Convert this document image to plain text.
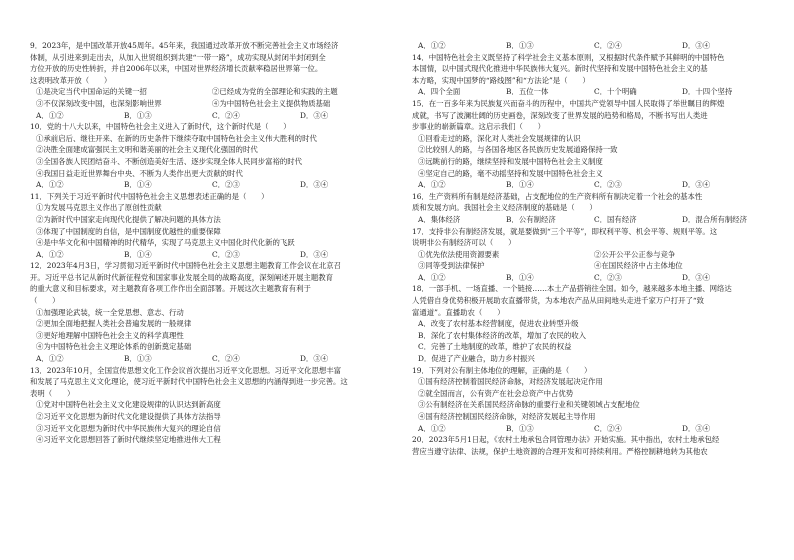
9．2023年，是中国改革开放45周年。45年来，我国通过改革开放不断完善社会主义市场经济
体制，从引进来到走出去，从加入世贸组织到共建“一带一路”，成功实现从封闭半封闭到全
方位开放的历史性转折，并自2006年以来，中国对世界经济增长贡献率稳居世界第一位。
这表明改革开放（　　）
①是决定当代中国命运的关键一招	②已经成为党的全部理论和实践的主题
③不仅深刻改变中国，也深刻影响世界	④为中国特色社会主义提供物质基础
A．①②	B．①③	C．②④	D．③④
10．党的十八大以来，中国特色社会主义进入了新时代，这个新时代是（　　）
①承前启后、继往开来、在新的历史条件下继续夺取中国特色社会主义伟大胜利的时代
②决胜全面建成富强民主文明和谐美丽的社会主义现代化强国的时代
③全国各族人民团结奋斗、不断创造美好生活、逐步实现全体人民同步富裕的时代
④我国日益走近世界舞台中央、不断为人类作出更大贡献的时代
A．①②	B．①④	C．②③	D．③④
11．下列关于习近平新时代中国特色社会主义思想表述正确的是（　　）
①为发展马克思主义作出了原创性贡献
②为新时代中国家走向现代化提供了解决问题的具体方法
③体现了中国制度的自信，是中国制度优越性的重要保障
④是中华文化和中国精神的时代精华，实现了马克思主义中国化时代化新的飞跃
A．①②	B．①④	C．②③	D．③④
12．2023年4月3日，学习贯彻习近平新时代中国特色社会主义思想主题教育工作会议在北京召
开。习近平总书记从新时代新征程党和国家事业发展全局的战略高度，深刻阐述开展主题教育
的重大意义和目标要求，对主题教育各项工作作出全面部署。开展这次主题教育有利于
（　　）
①加强理论武装，统一全党思想、意志、行动
②更加全面地把握人类社会普遍发展的一般规律
③更好地理解中国特色社会主义的科学真理性
④为中国特色社会主义理论体系的创新奠定基础
A．①②	B．①③	C．②④	D．③④
13．2023年10月，全国宣传思想文化工作会议首次提出习近平文化思想。习近平文化思想丰富
和发展了马克思主义文化理论，使习近平新时代中国特色社会主义思想的内涵得到进一步完善。这
表明（　　）
①党对中国特色社会主义文化建设规律的认识达到新高度
②习近平文化思想为新时代文化建设提供了具体方法指导
③习近平文化思想为新时代中华民族伟大复兴的理论自信
④习近平文化思想回答了新时代继续坚定地推进伟大工程
A．①②	B．①③	C．②④	D．③④
14．中国特色社会主义既坚持了科学社会主义基本原则，又根据时代条件赋予其鲜明的中国特色
本国情，以中国式现代化推进中华民族伟大复兴。新时代坚持和发展中国特色社会主义的基
本方略，实现中国梦的“路线图”和“方法论”是（　　）
A．四个全面	B．五位一体	C．十个明确	D．十四个坚持
15．在一百多年来为民族复兴而奋斗的历程中，中国共产党领导中国人民取得了举世瞩目的辉煌
成就，书写了波澜壮阔的历史画卷，深刻改变了世界发展的趋势和格局，不断书写出人类进
步事业的崭新篇章。这启示我们（　　）
①回看走过的路，深化对人类社会发展规律的认识
②比较别人的路，与各国各地区各民族历史发展道路保持一致
③远眺前行的路，继续坚持和发展中国特色社会主义制度
④坚定自己的路，毫不动摇坚持和发展中国特色社会主义
A．①②	B．①④	C．②③	D．③④
16．生产资料所有制是经济基础，占支配地位的生产资料所有制决定着一个社会的基本性
质和发展方向。我国社会主义经济制度的基础是（　　）
A．集体经济	B．公有制经济	C．国有经济	D．混合所有制经济
17．支持非公有制经济发展，就是要做到“三个平等”，即权利平等、机会平等、规则平等。这
说明非公有制经济可以（　　）
①优先依法使用资源要素	②公开公平公正参与竞争
③同等受到法律保护	④在国民经济中占主体地位
A．①②	B．①④	C．②③	D．③④
18．一部手机、一场直播、一个链接……本土产品搭销往全国。如今，越来越多本地主播、网络达
人凭借自身优势积极开展助农直播带货，为本地农产品从田间地头走进千家万户打开了“致
富通道”。直播助农（　　）
A．改变了农村基本经营制度，促进农业转型升级
B．深化了农村集体经济的改革，增加了农民的收入
C．完善了土地制度的改革，维护了农民的权益
D．促进了产业融合，助力乡村振兴
19．下列对公有制主体地位的理解，正确的是（　　）
①国有经济控制着国民经济命脉，对经济发展起决定作用
②就全国而言，公有资产在社会总资产中占优势
③公有制经济在关系国民经济命脉的重要行业和关键领域占支配地位
④国有经济控制国民经济命脉，对经济发展起主导作用
A．①②	B．①③	C．②④	D．③④
20．2023年5月1日起，《农村土地承包合同管理办法》开始实施。其中指出，农村土地承包经
营应当遵守法律、法规，保护土地资源的合理开发和可持续利用。严格控制耕地转为其他农
